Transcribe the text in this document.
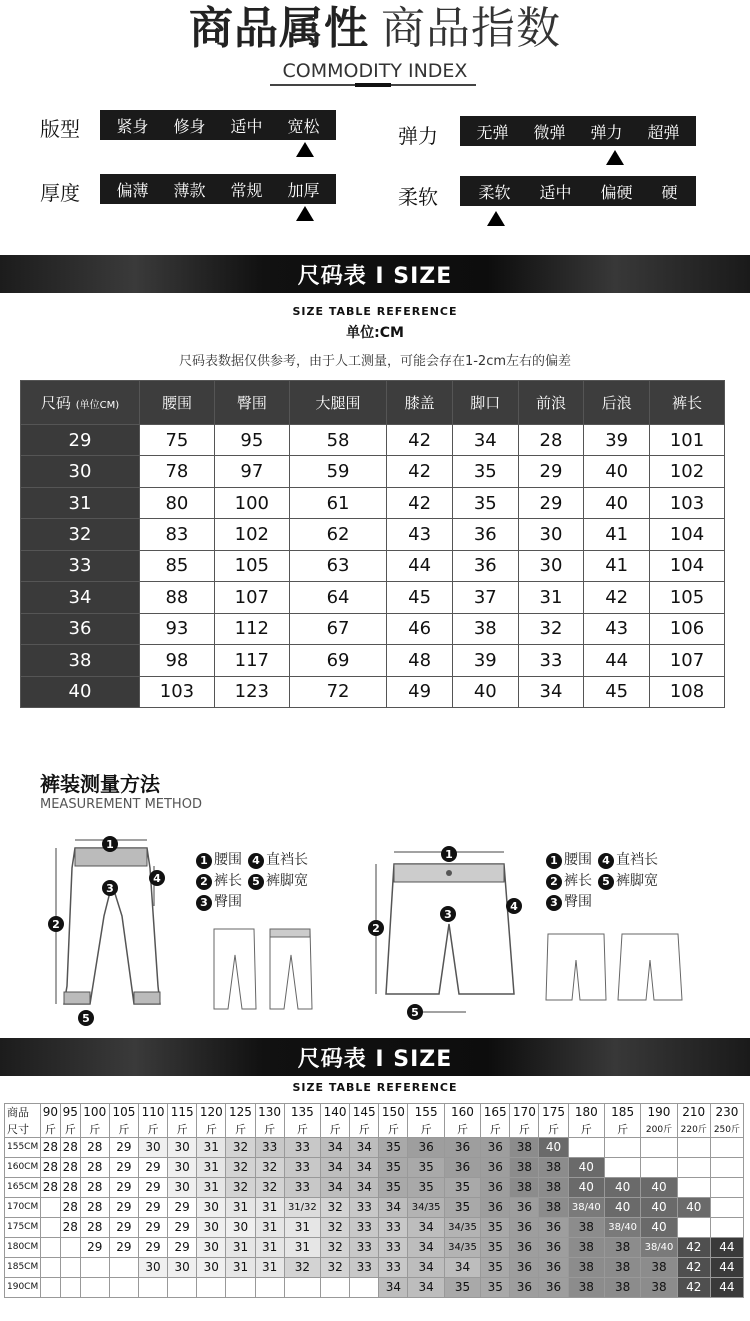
商品属性 商品指数
COMMODITY INDEX
版型 紧身 修身 适中 宽松
厚度 偏薄 薄款 常规 加厚
弹力 无弹 微弹 弹力 超弹
柔软	柔软 适中 偏硬 硬
尺码表 I SIZE
SIZE TABLE REFERENCE
单位:CM
尺码表数据仅供参考，由于人工测量，可能会存在1-2cm左右的偏差
尺码 (单位CM)	腰围	臀围	大腿围	膝盖	脚口	前浪	后浪	裤长
29	75	95	58	42	34	28	39	101
30	78	97	59	42	35	29	40	102
31	80	100	61	42	35	29	40	103
32	83	102	62	43	36	30	41	104
33	85	105	63	44	36	30	41	104
34	88	107	64	45	37	31	42	105
36	93	112	67	46	38	32	43	106
38	98	117	69	48	39	33	44	107
40	103	123	72	49	40	34	45	108
裤装测量方法
MEASUREMENT METHOD
1
2
3
4
5
1 腰围 4 直裆长
2 裤长 5 裤脚宽
3 臀围
1
2
3
4
5
1 腰围 4 直裆长
2 裤长 5 裤脚宽
3 臀围
尺码表 I SIZE
SIZE TABLE REFERENCE
商品	90	95	100	105	110	115	120	125	130	135	140	145	150	155	160	165	170	175	180	185	190	210	230
尺寸	斤	斤	斤	斤	斤	斤	斤	斤	斤	斤	斤	斤	斤	斤	斤	斤	斤	斤	斤	斤	200斤	220斤	250斤
155CM	28	28	28	29	30	30	31	32	33	33	34	34	35	36	36	36	38	40					
160CM	28	28	28	29	29	30	31	32	32	33	34	34	35	35	36	36	38	38	40				
165CM	28	28	28	29	29	30	31	32	32	33	34	34	35	35	35	36	38	38	40	40	40		
170CM		28	28	29	29	29	30	31	31	31/32	32	33	34	34/35	35	36	36	38	38/40	40	40	40	
175CM		28	28	29	29	29	30	30	31	31	32	33	33	34	34/35	35	36	36	38	38/40	40		
180CM			29	29	29	29	30	31	31	31	32	33	33	34	34/35	35	36	36	38	38	38/40	42	44
185CM					30	30	30	31	31	32	32	33	33	34	34	35	36	36	38	38	38	42	44
190CM													34	34	35	35	36	36	38	38	38	42	44
